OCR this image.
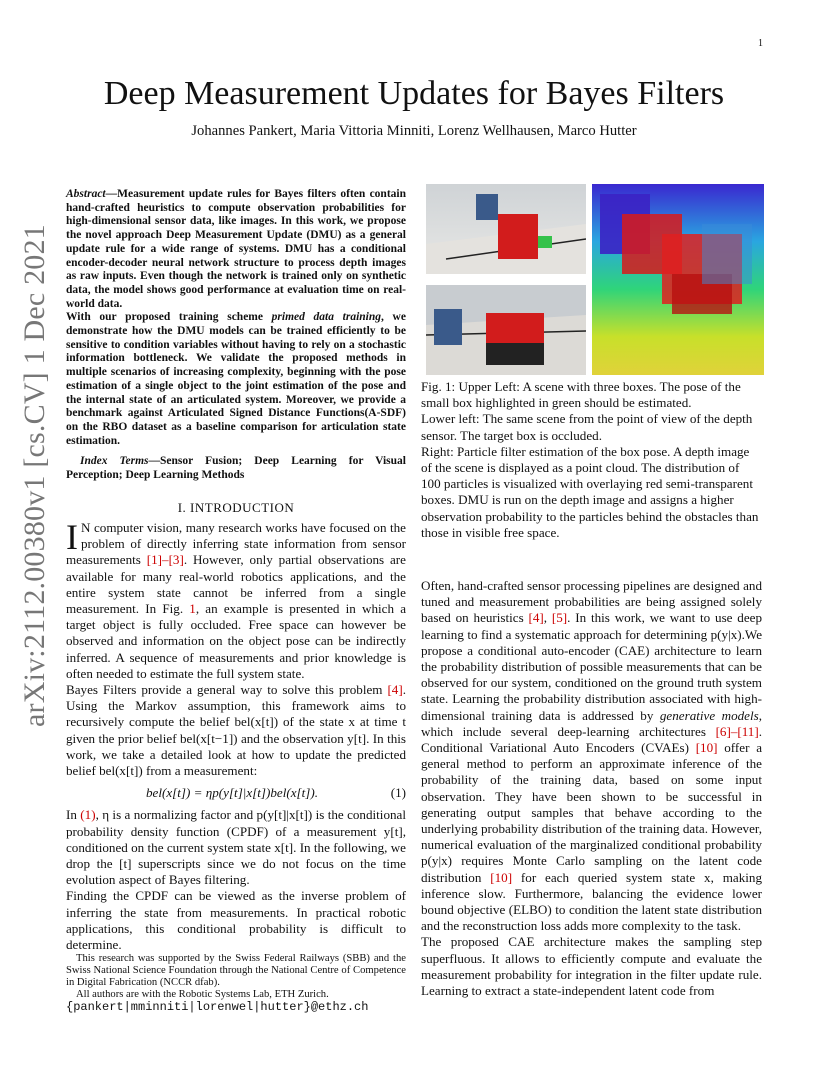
1
arXiv:2112.00380v1 [cs.CV] 1 Dec 2021
Deep Measurement Updates for Bayes Filters
Johannes Pankert, Maria Vittoria Minniti, Lorenz Wellhausen, Marco Hutter

Abstract—Measurement update rules for Bayes filters often contain hand-crafted heuristics to compute observation probabilities for high-dimensional sensor data, like images. In this work, we propose the novel approach Deep Measurement Update (DMU) as a general update rule for a wide range of systems. DMU has a conditional encoder-decoder neural network structure to process depth images as raw inputs. Even though the network is trained only on synthetic data, the model shows good performance at evaluation time on real-world data.

With our proposed training scheme primed data training, we demonstrate how the DMU models can be trained efficiently to be sensitive to condition variables without having to rely on a stochastic information bottleneck. We validate the proposed methods in multiple scenarios of increasing complexity, beginning with the pose estimation of a single object to the joint estimation of the pose and the internal state of an articulated system. Moreover, we provide a benchmark against Articulated Signed Distance Functions(A-SDF) on the RBO dataset as a baseline comparison for articulation state estimation.

Index Terms—Sensor Fusion; Deep Learning for Visual Perception; Deep Learning Methods

I. INTRODUCTION

I N computer vision, many research works have focused on the problem of directly inferring state information from sensor measurements [1]–[3]. However, only partial observations are available for many real-world robotics applications, and the entire system state cannot be inferred from a single measurement. In Fig. 1, an example is presented in which a target object is fully occluded. Free space can however be observed and information on the object pose can be indirectly inferred. A sequence of measurements and prior knowledge is often needed to estimate the full system state.

Bayes Filters provide a general way to solve this problem [4]. Using the Markov assumption, this framework aims to recursively compute the belief bel(x[t]) of the state x at time t given the prior belief bel(x[t−1]) and the observation y[t]. In this work, we take a detailed look at how to update the predicted belief bel(x[t]) from a measurement:

bel(x[t]) = ηp(y[t]|x[t])bel(x[t]).	(1)

In (1), η is a normalizing factor and p(y[t]|x[t]) is the conditional probability density function (CPDF) of a measurement y[t], conditioned on the current system state x[t]. In the following, we drop the [t] superscripts since we do not focus on the time evolution aspect of Bayes filtering.

Finding the CPDF can be viewed as the inverse problem of inferring the state from measurements. In practical robotic applications, this conditional probability is difficult to determine.

This research was supported by the Swiss Federal Railways (SBB) and the Swiss National Science Foundation through the National Centre of Competence in Digital Fabrication (NCCR dfab).

All authors are with the Robotic Systems Lab, ETH Zurich.

{pankert|mminniti|lorenwel|hutter}@ethz.ch

Fig. 1: Upper Left: A scene with three boxes. The pose of the small box highlighted in green should be estimated.

Lower left: The same scene from the point of view of the depth sensor. The target box is occluded.

Right: Particle filter estimation of the box pose. A depth image of the scene is displayed as a point cloud. The distribution of 100 particles is visualized with overlaying red semi-transparent boxes. DMU is run on the depth image and assigns a higher observation probability to the particles behind the obstacles than those in visible free space.

Often, hand-crafted sensor processing pipelines are designed and tuned and measurement probabilities are being assigned solely based on heuristics [4], [5]. In this work, we want to use deep learning to find a systematic approach for determining p(y|x).We propose a conditional auto-encoder (CAE) architecture to learn the probability distribution of possible measurements that can be observed for our system, conditioned on the ground truth system state. Learning the probability distribution associated with high-dimensional training data is addressed by generative models, which include several deep-learning architectures [6]–[11]. Conditional Variational Auto Encoders (CVAEs) [10] offer a general method to perform an approximate inference of the probability of the training data, based on some input observation. They have been shown to be successful in generating output samples that behave according to the underlying probability distribution of the training data. However, numerical evaluation of the marginalized conditional probability p(y|x) requires Monte Carlo sampling on the latent code distribution [10] for each queried system state x, making inference slow. Furthermore, balancing the evidence lower bound objective (ELBO) to condition the latent state distribution and the reconstruction loss adds more complexity to the task.

The proposed CAE architecture makes the sampling step superfluous. It allows to efficiently compute and evaluate the measurement probability for integration in the filter update rule. Learning to extract a state-independent latent code from
